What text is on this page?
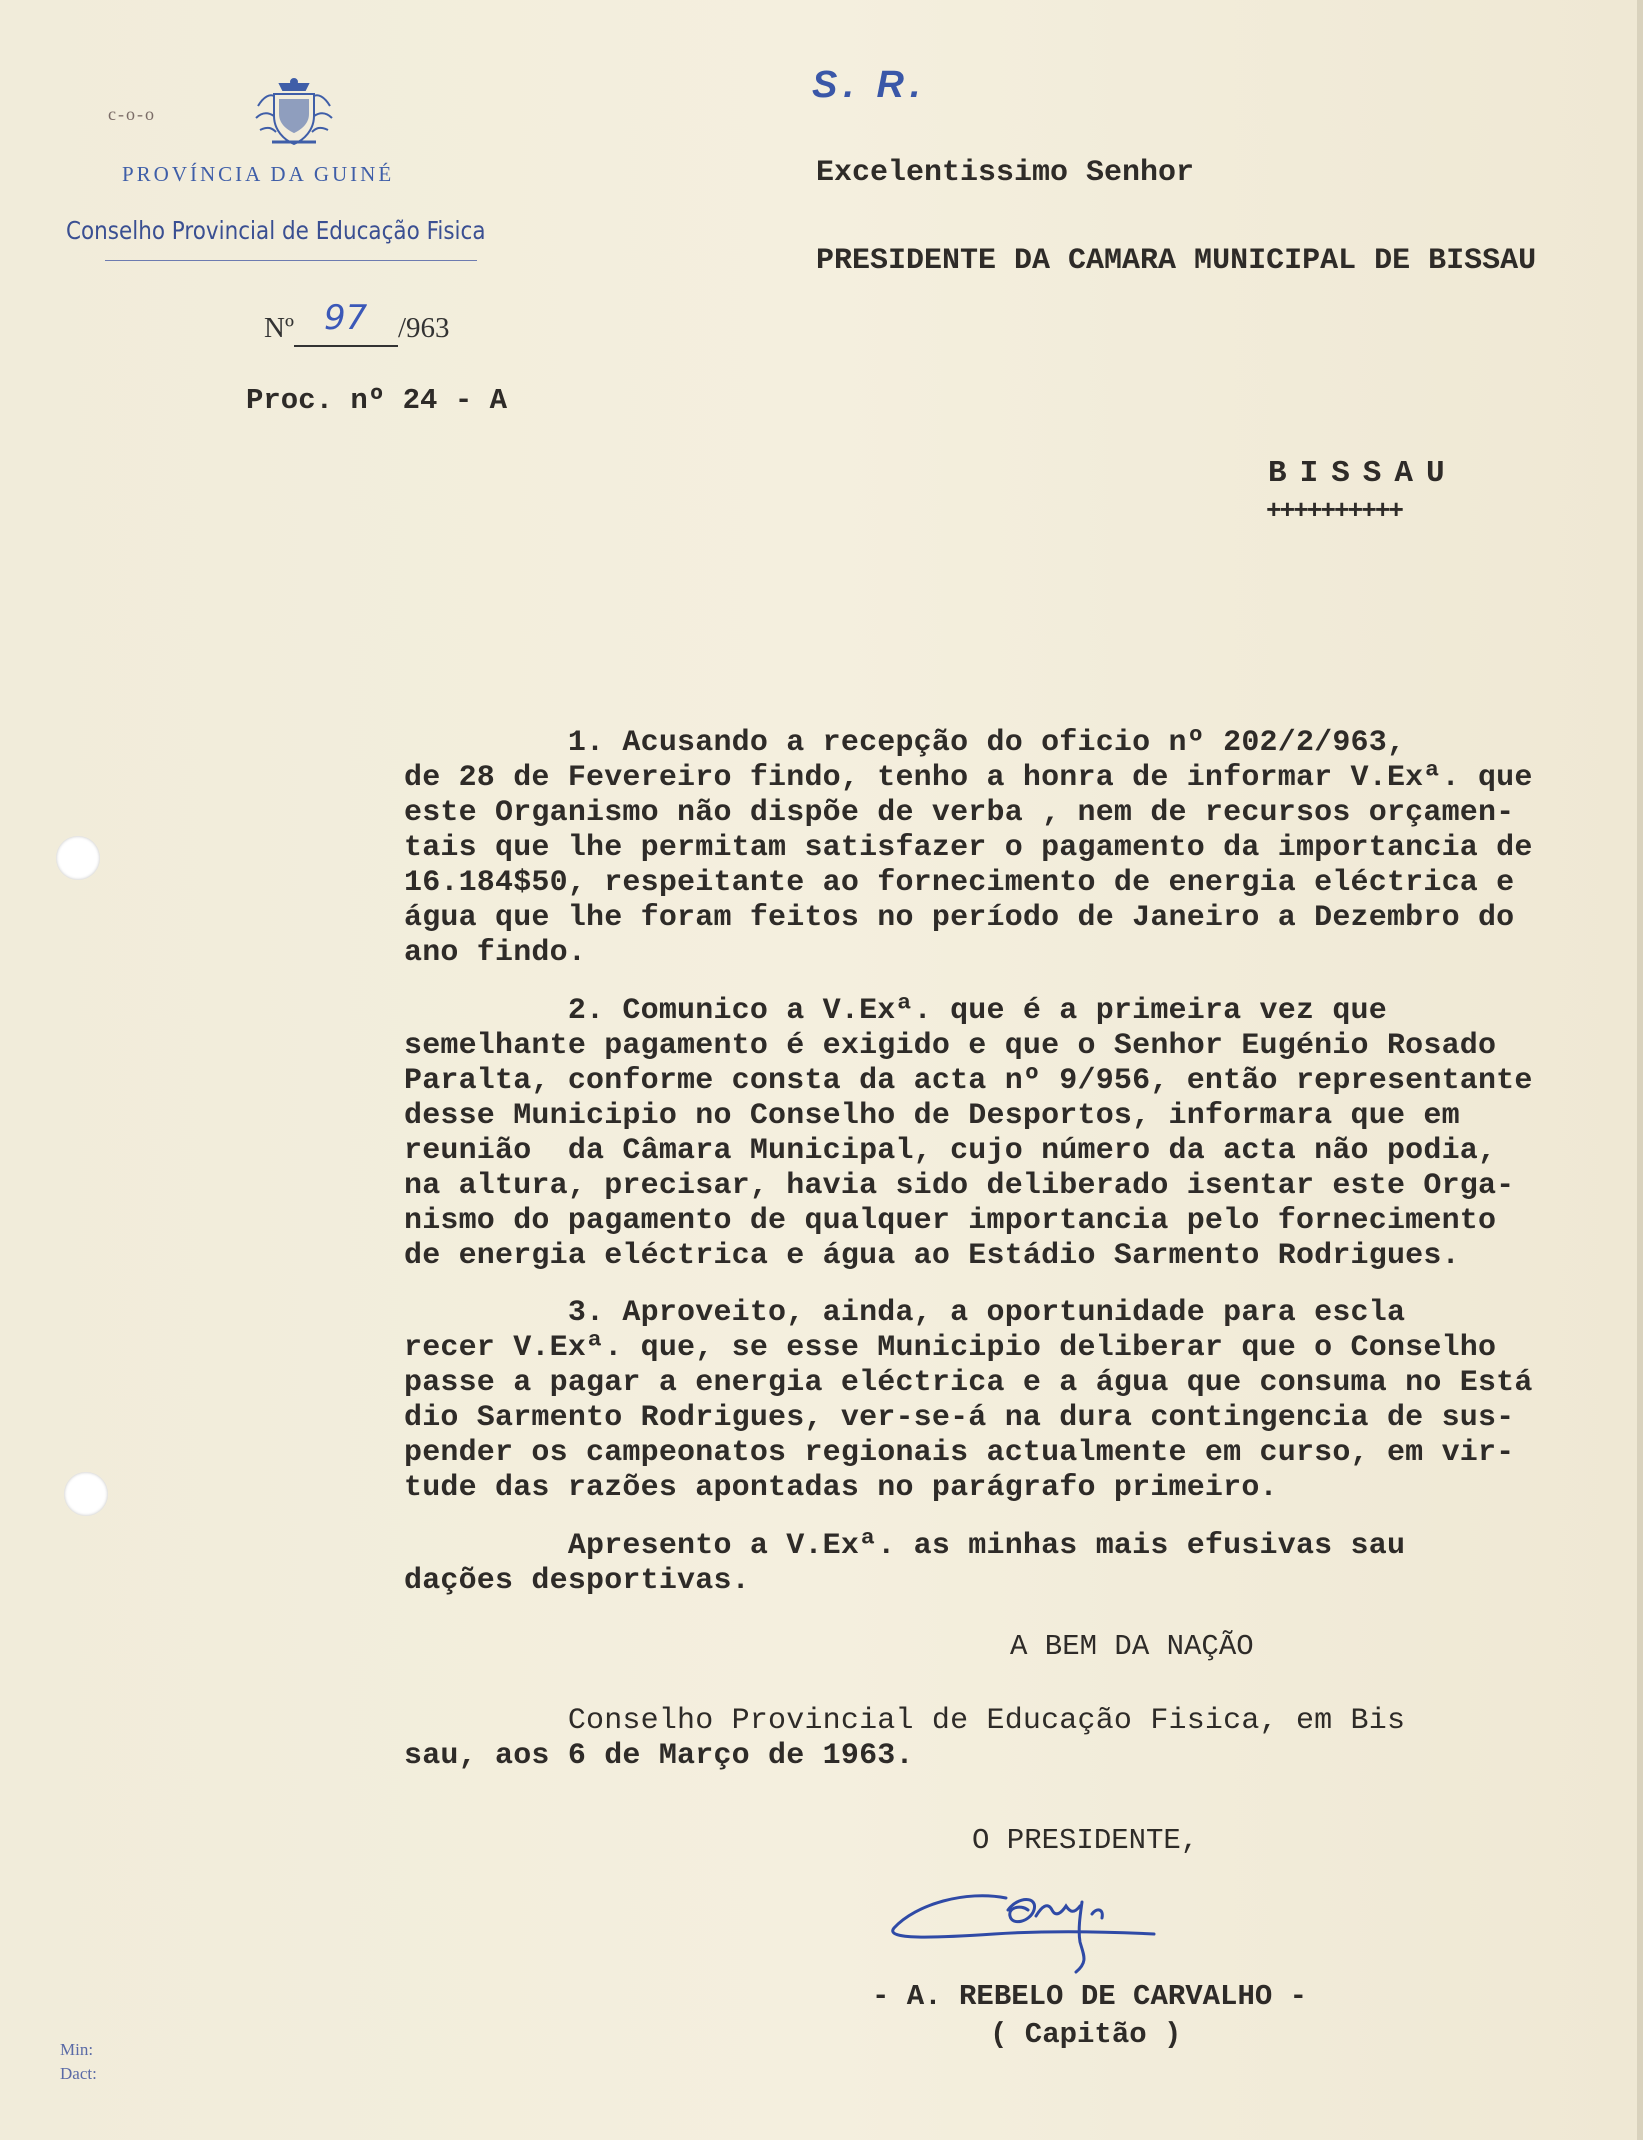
c-o-o
PROVÍNCIA DA GUINÉ
Conselho Provincial de Educação Fisica
Nº 97 /963
Proc. nº 24 - A
S. R.
Excelentissimo Senhor
PRESIDENTE DA CAMARA MUNICIPAL DE BISSAU
BISSAU
++++++++++
1. Acusando a recepção do oficio nº 202/2/963,
de 28 de Fevereiro findo, tenho a honra de informar V.Exª. que
este Organismo não dispõe de verba ‚ nem de recursos orçamen-
tais que lhe permitam satisfazer o pagamento da importancia de
16.184$50, respeitante ao fornecimento de energia eléctrica e
água que lhe foram feitos no período de Janeiro a Dezembro do
ano findo.
2. Comunico a V.Exª. que é a primeira vez que
semelhante pagamento é exigido e que o Senhor Eugénio Rosado
Paralta, conforme consta da acta nº 9/956, então representante
desse Municipio no Conselho de Desportos, informara que em
reunião  da Câmara Municipal, cujo número da acta não podia,
na altura, precisar, havia sido deliberado isentar este Orga-
nismo do pagamento de qualquer importancia pelo fornecimento
de energia eléctrica e água ao Estádio Sarmento Rodrigues.
3. Aproveito, ainda, a oportunidade para escla
recer V.Exª. que, se esse Municipio deliberar que o Conselho
passe a pagar a energia eléctrica e a água que consuma no Está
dio Sarmento Rodrigues, ver-se-á na dura contingencia de sus-
pender os campeonatos regionais actualmente em curso, em vir-
tude das razões apontadas no parágrafo primeiro.
Apresento a V.Exª. as minhas mais efusivas sau
dações desportivas.
A BEM DA NAÇÃO
Conselho Provincial de Educação Fisica, em Bis
sau, aos 6 de Março de 1963.
O PRESIDENTE,
- A. REBELO DE CARVALHO -
( Capitão )
Min:
Dact:
